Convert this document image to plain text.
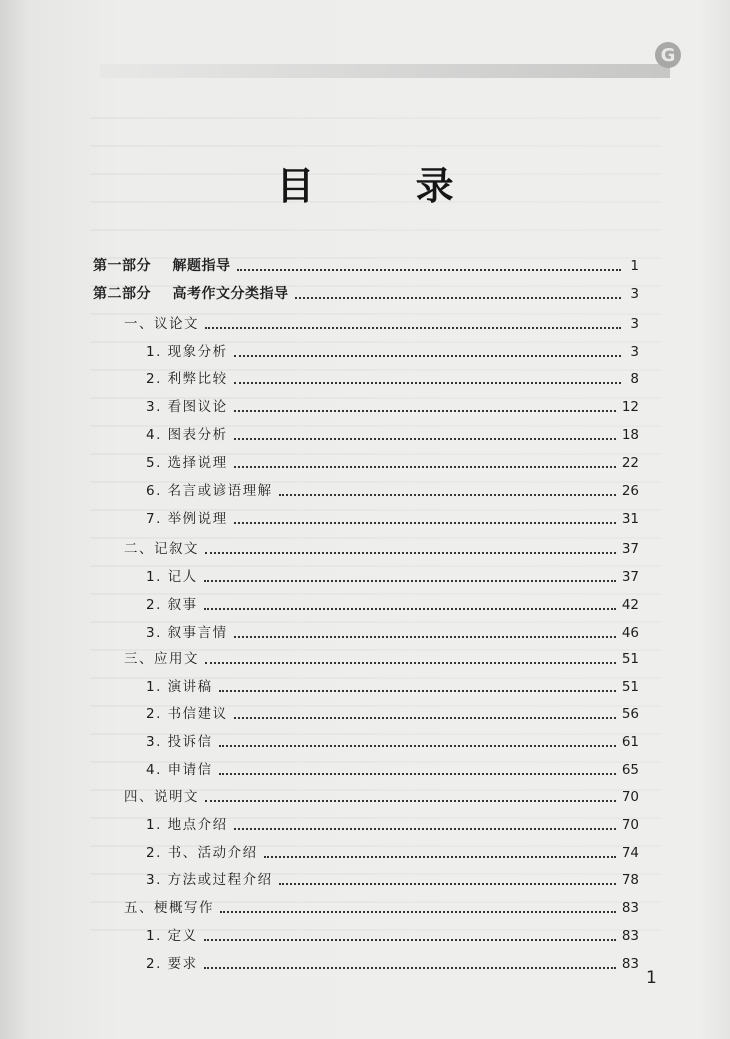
G
目 录
第一部分    解题指导	1
第二部分    高考作文分类指导	3
一、议论文	3
1. 现象分析	3
2. 利弊比较	8
3. 看图议论	12
4. 图表分析	18
5. 选择说理	22
6. 名言或谚语理解	26
7. 举例说理	31
二、记叙文	37
1. 记人	37
2. 叙事	42
3. 叙事言情	46
三、应用文	51
1. 演讲稿	51
2. 书信建议	56
3. 投诉信	61
4. 申请信	65
四、说明文	70
1. 地点介绍	70
2. 书、活动介绍	74
3. 方法或过程介绍	78
五、梗概写作	83
1. 定义	83
2. 要求	83
1
